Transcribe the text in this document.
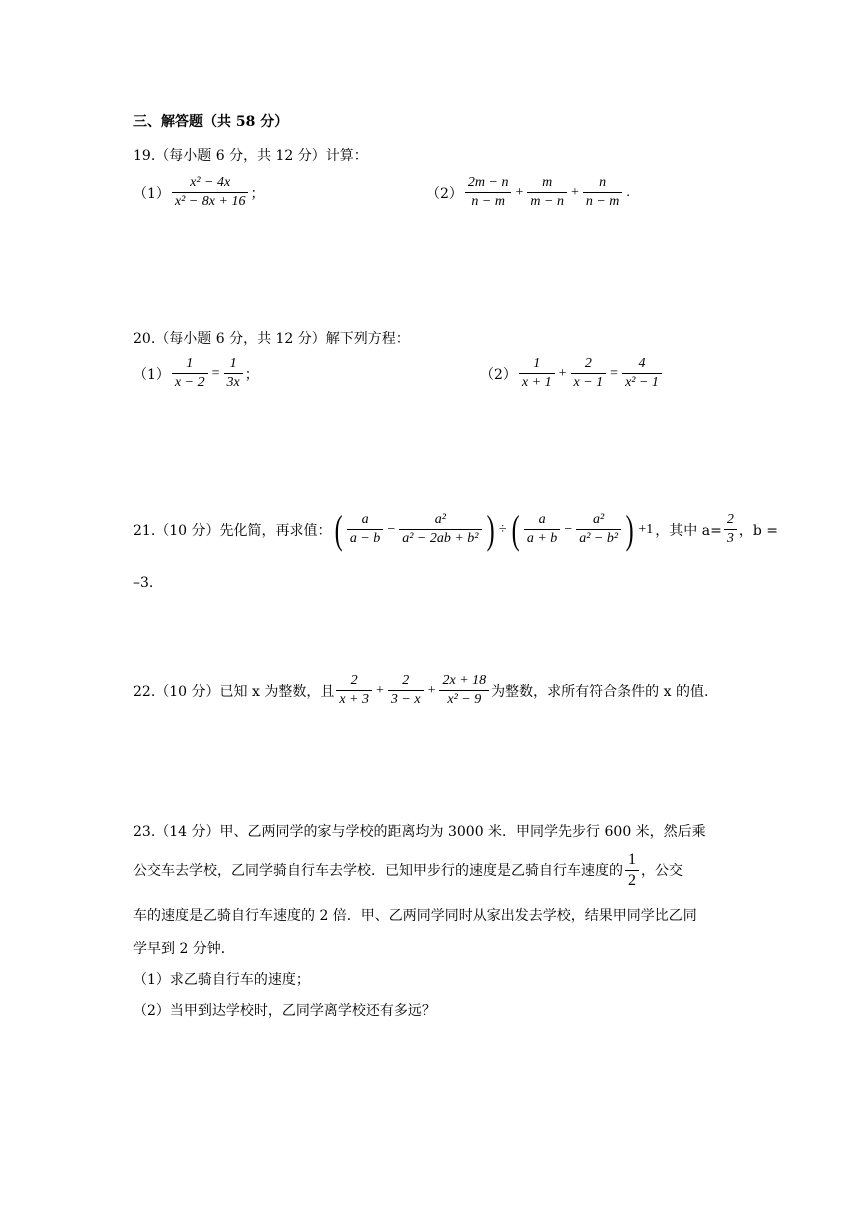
三、解答题（共 58 分）
19.（每小题 6 分，共 12 分）计算：
$(1) \frac{\text{x² − 4x}}{\text{x² − 8x + 16}}$ ；	$(2) \frac{2m - n}{n - m} + \frac{m}{m - n} + \frac{n}{n - m}$ .
20.（每小题 6 分，共 12 分）解下列方程：
$(1) \frac{1}{x - 2} = \frac{1}{3x}$ ；	$(2) \frac{1}{x + 1} + \frac{2}{x - 1} = \frac{4}{\text{x² − 1}}$
21.（10 分）先化简，再求值： ( $\frac{a}{a - b} - \frac{\text{a²}}{\text{a² − 2ab + b²}}$ ) ÷ ( $\frac{a}{a + b} - \frac{\text{a²}}{\text{a² − b²}}$ ) +1 ，其中 $a= \frac{2}{3}$ ，b =
–3.
22.（10 分）已知 x 为整数，且 $\frac{2}{x + 3} + \frac{2}{3 - x} + \frac{2x + 18}{\text{x² − 9}}$ 为整数，求所有符合条件的 x 的值.
23.（14 分）甲、乙两同学的家与学校的距离均为 3000 米．甲同学先步行 600 米，然后乘
公交车去学校，乙同学骑自行车去学校．已知甲步行的速度是乙骑自行车速度的 $\frac{1}{2}$ ，公交
车的速度是乙骑自行车速度的 2 倍．甲、乙两同学同时从家出发去学校，结果甲同学比乙同
学早到 2 分钟．
（1）求乙骑自行车的速度；
（2）当甲到达学校时，乙同学离学校还有多远？
